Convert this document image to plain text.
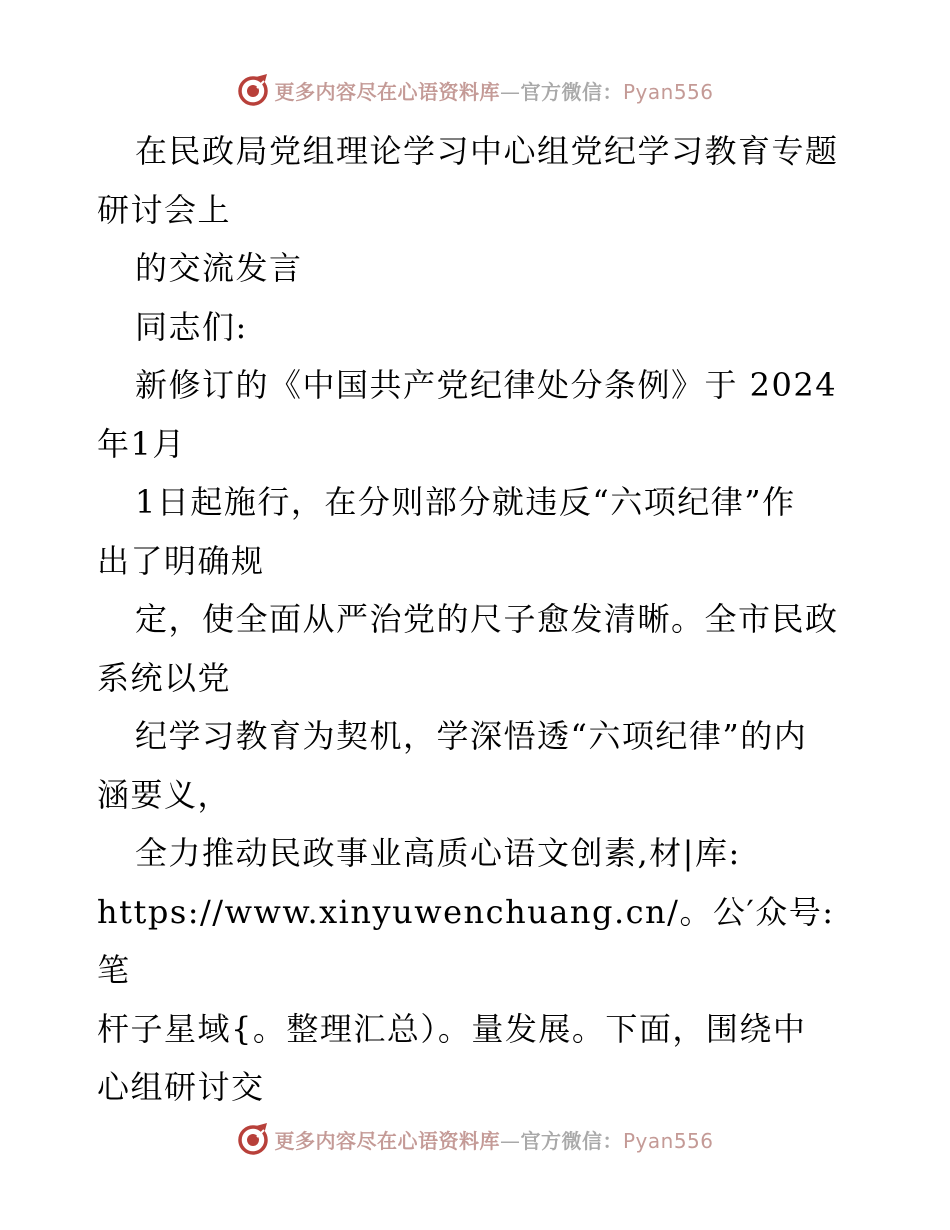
更多内容尽在心语资料库—官方微信：Pyan556

在民政局党组理论学习中心组党纪学习教育专题

研讨会上

的交流发言

同志们:

新修订的《中国共产党纪律处分条例》于 2024

年1月

1日起施行，在分则部分就违反“六项纪律”作

出了明确规

定，使全面从严治党的尺子愈发清晰。全市民政

系统以党

纪学习教育为契机，学深悟透“六项纪律”的内

涵要义，

全力推动民政事业高质心语文创素,材|库:

https://www.xinyuwenchuang.cn/。公′众号: 笔

杆子星域{。整理汇总）。量发展。下面，围绕中

心组研讨交

更多内容尽在心语资料库—官方微信：Pyan556
